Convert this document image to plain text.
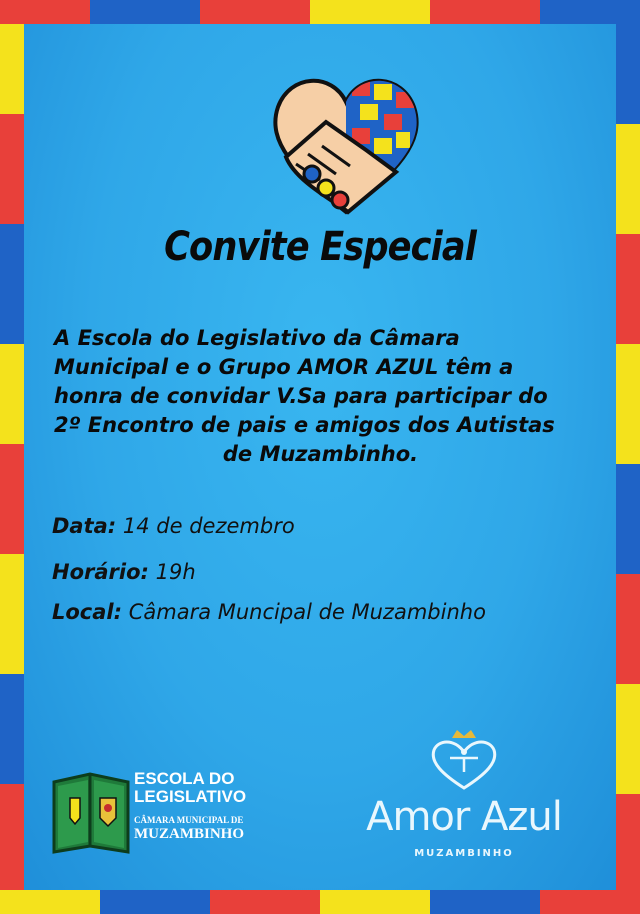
Convite Especial

A Escola do Legislativo da Câmara

Municipal e o Grupo AMOR AZUL têm a

honra de convidar V.Sa para participar do

2º Encontro de pais e amigos dos Autistas

de Muzambinho.

Data: 14 de dezembro
Horário: 19h
Local: Câmara Muncipal de Muzambinho
ESCOLA DO
LEGISLATIVO
CÂMARA MUNICIPAL DE
MUZAMBINHO	Amor Azul
MUZAMBINHO
